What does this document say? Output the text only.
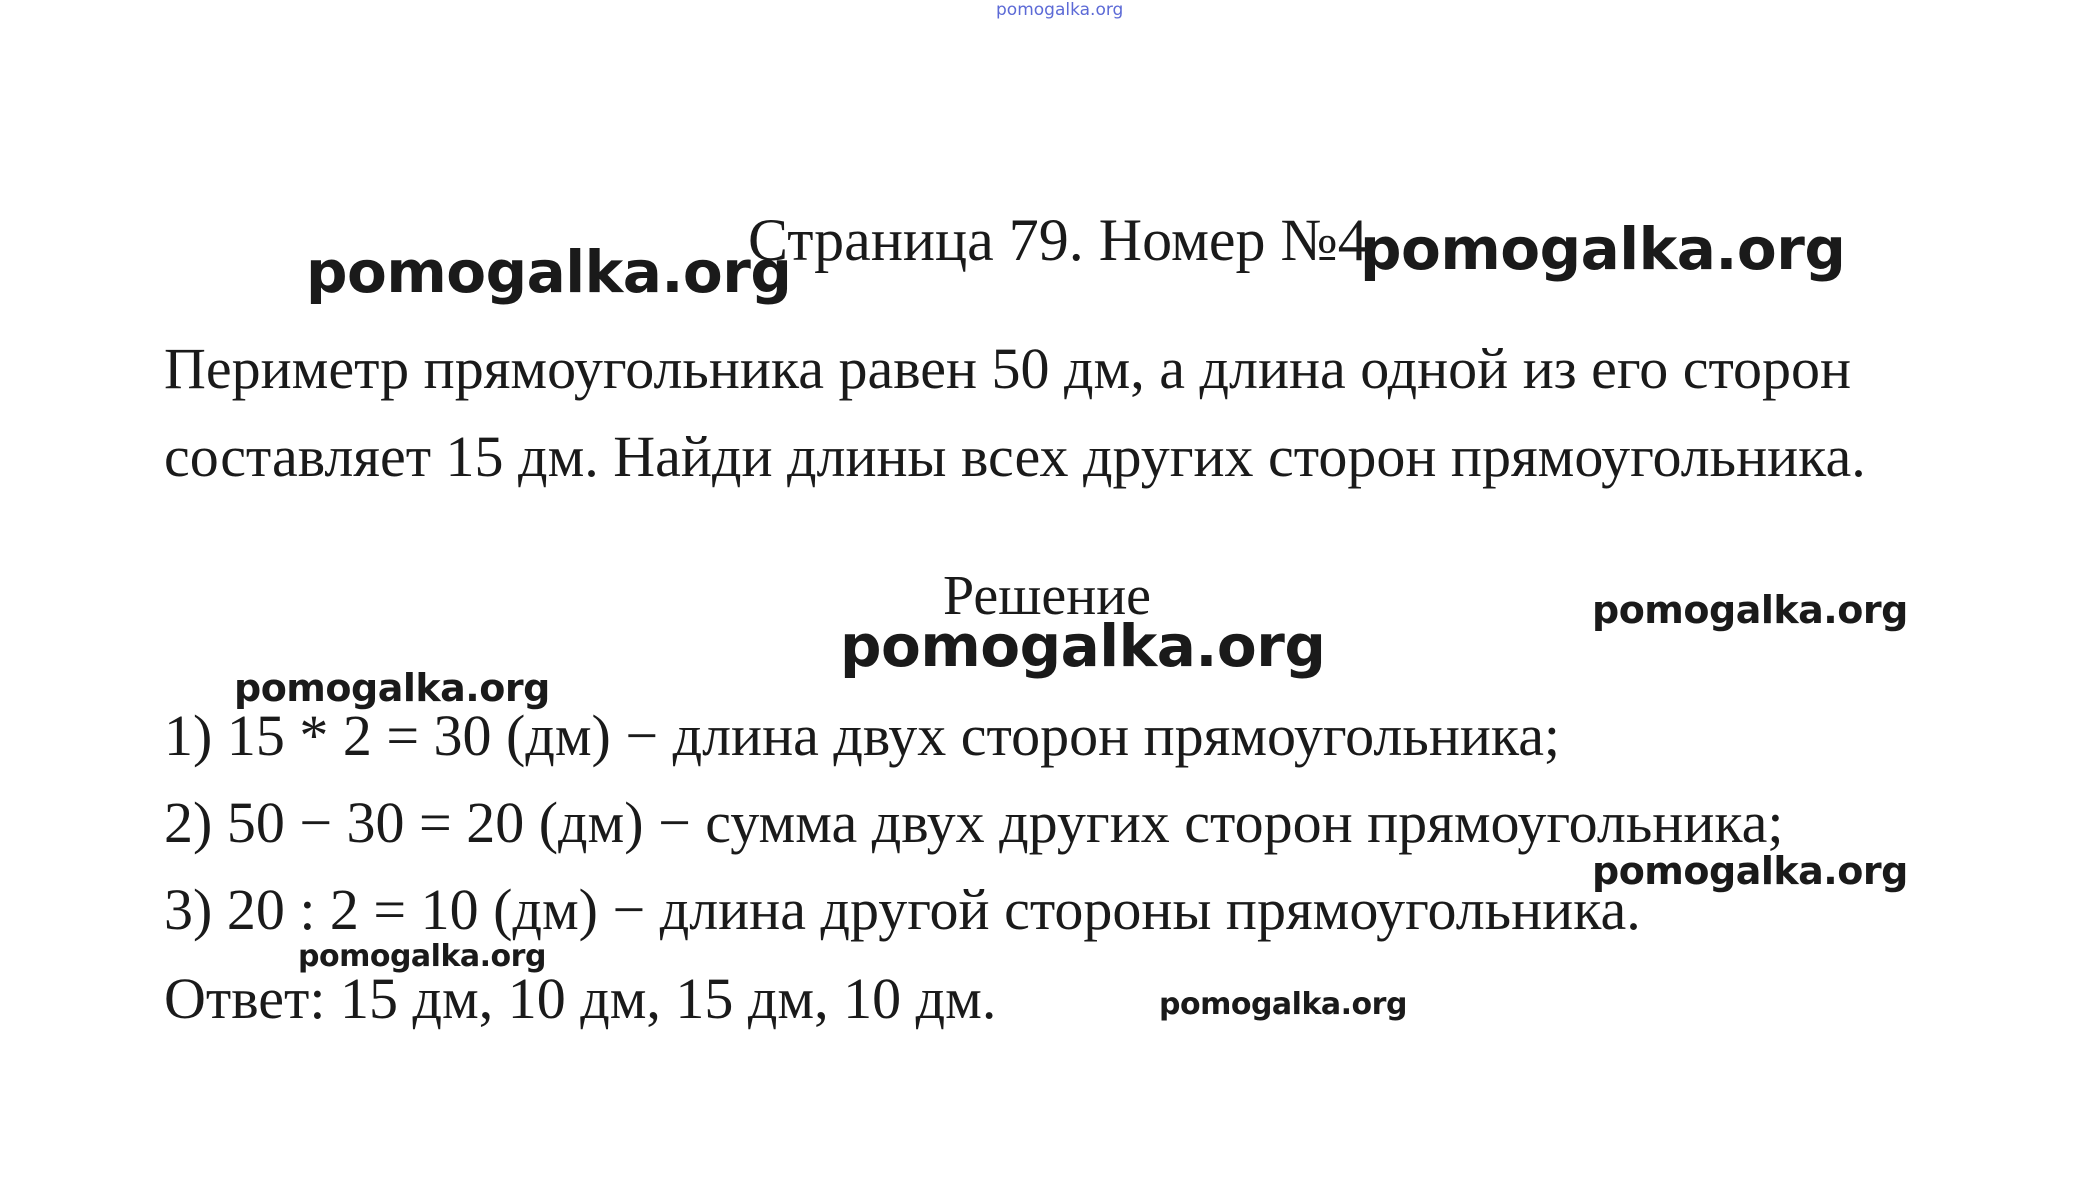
pomogalka.org
Страница 79. Номер №4
pomogalka.org	pomogalka.org
Периметр прямоугольника равен 50 дм, а длина одной из его сторон
составляет 15 дм. Найди длины всех других сторон прямоугольника.
Решение
pomogalka.org
pomogalka.org
pomogalka.org
1) 15 * 2 = 30 (дм) − длина двух сторон прямоугольника;
2) 50 − 30 = 20 (дм) − сумма двух других сторон прямоугольника;
3) 20 : 2 = 10 (дм) − длина другой стороны прямоугольника.
pomogalka.org
pomogalka.org
Ответ: 15 дм, 10 дм, 15 дм, 10 дм.	pomogalka.org
